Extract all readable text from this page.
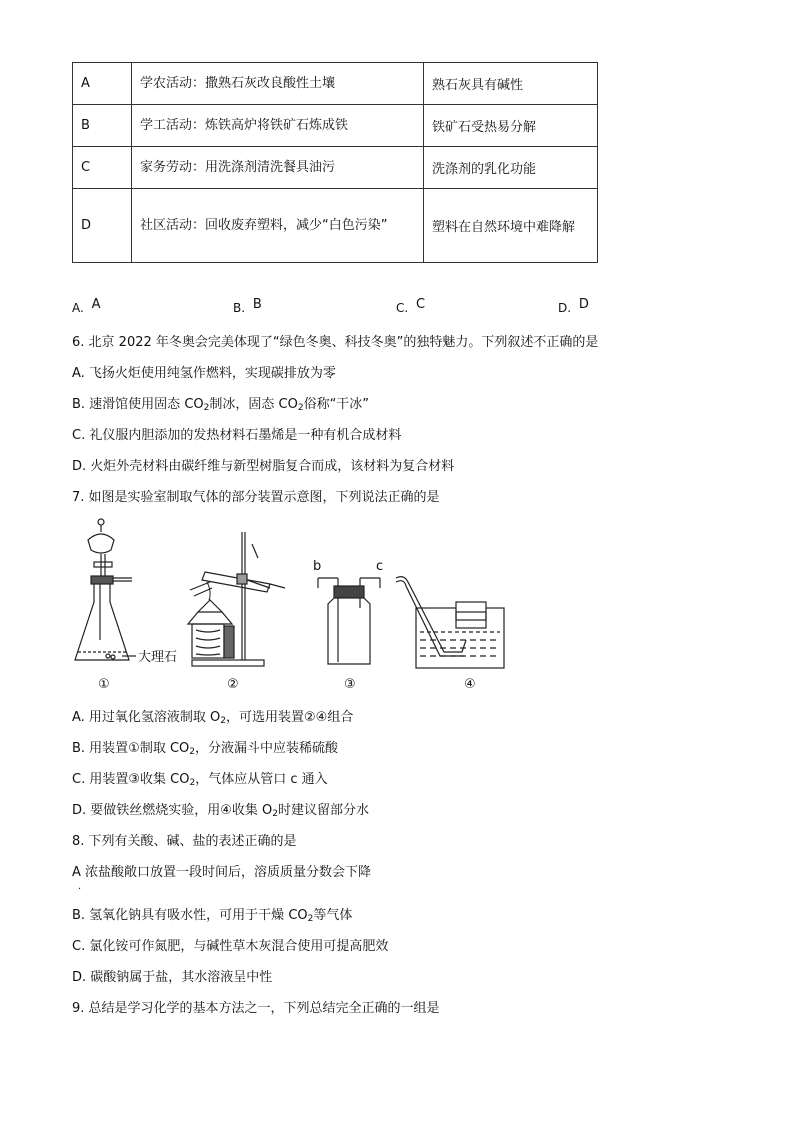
A	学农活动：撒熟石灰改良酸性土壤	熟石灰具有碱性
B	学工活动：炼铁高炉将铁矿石炼成铁	铁矿石受热易分解
C	家务劳动：用洗涤剂清洗餐具油污	洗涤剂的乳化功能
D	社区活动：回收废弃塑料，减少“白色污染”	塑料在自然环境中难降解
A. A	B. B	C. C	D. D
6. 北京 2022 年冬奥会完美体现了“绿色冬奥、科技冬奥”的独特魅力。下列叙述不正确的是
A. 飞扬火炬使用纯氢作燃料，实现碳排放为零
B. 速滑馆使用固态 $CO_2$制冰，固态 $CO_2$俗称“干冰”
C. 礼仪服内胆添加的发热材料石墨烯是一种有机合成材料
D. 火炬外壳材料由碳纤维与新型树脂复合而成，该材料为复合材料
7. 如图是实验室制取气体的部分装置示意图，下列说法正确的是
大理石
b	c
①	②	③	④
A. 用过氧化氢溶液制取 $O_2$，可选用装置②④组合
B. 用装置①制取 $CO_2$，分液漏斗中应装稀硫酸
C. 用装置③收集 $CO_2$，气体应从管口 c 通入
D. 要做铁丝燃烧实验，用④收集 $O_2$时建议留部分水
8. 下列有关酸、碱、盐的表述正确的是
A 浓盐酸敞口放置一段时间后，溶质质量分数会下降
.
B. 氢氧化钠具有吸水性，可用于干燥 $CO_2$等气体
C. 氯化铵可作氮肥，与碱性草木灰混合使用可提高肥效
D. 碳酸钠属于盐，其水溶液呈中性
9. 总结是学习化学的基本方法之一，下列总结完全正确的一组是
